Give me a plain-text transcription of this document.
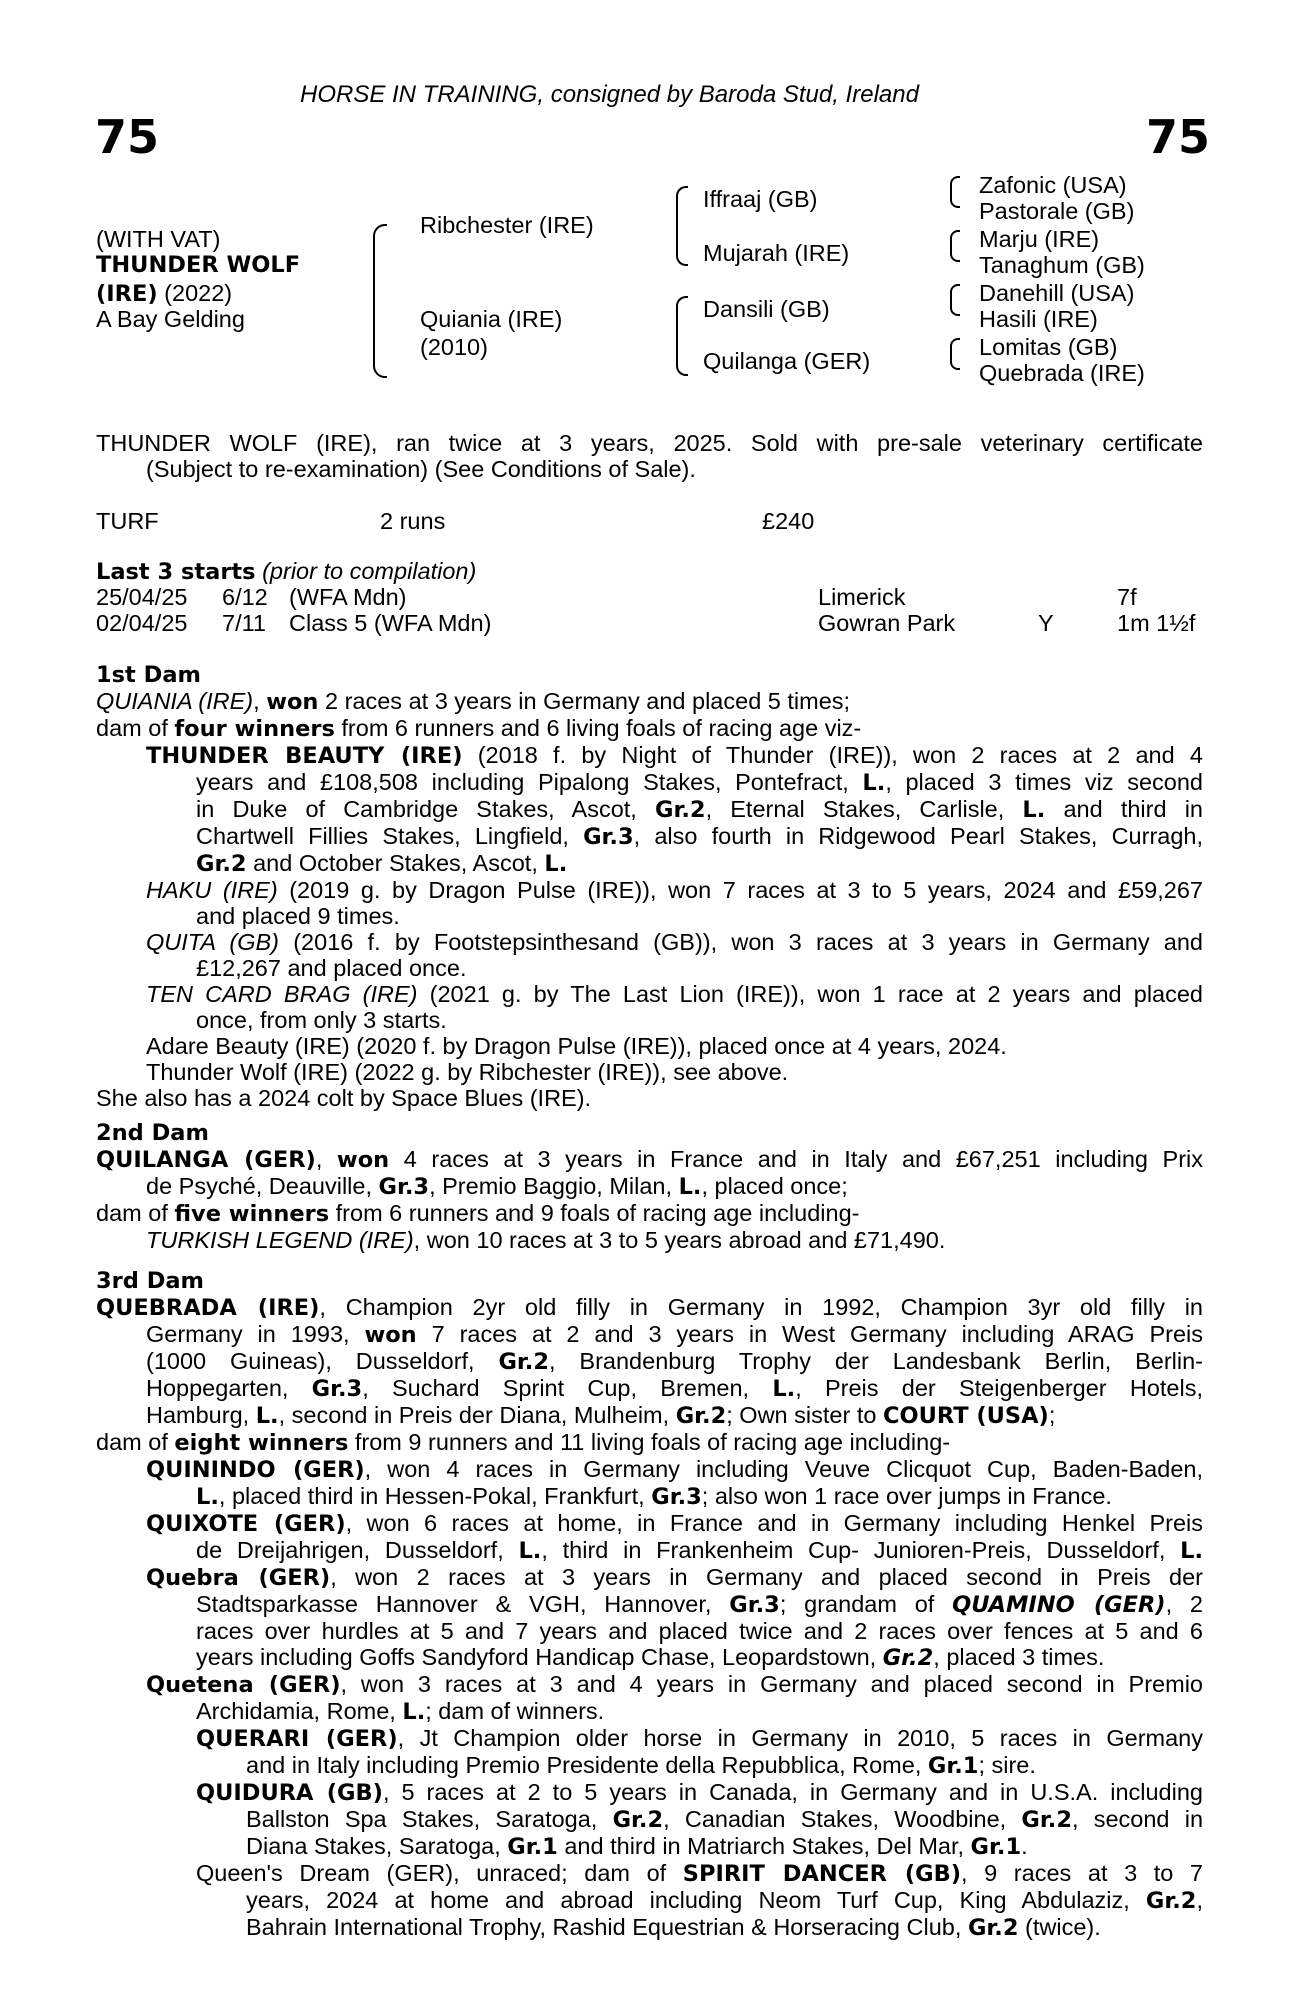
75	75
HORSE IN TRAINING, consigned by Baroda Stud, Ireland
(WITH VAT)
THUNDER WOLF
(IRE) (2022)
A Bay Gelding
Ribchester (IRE)
Quiania (IRE)
(2010)
Iffraaj (GB)
Mujarah (IRE)
Dansili (GB)
Quilanga (GER)
Zafonic (USA)
Pastorale (GB)
Marju (IRE)
Tanaghum (GB)
Danehill (USA)
Hasili (IRE)
Lomitas (GB)
Quebrada (IRE)
THUNDER WOLF (IRE), ran twice at 3 years, 2025. Sold with pre-sale veterinary certificate
(Subject to re-examination) (See Conditions of Sale).
TURF	2 runs	£240
Last 3 starts (prior to compilation)
25/04/25 6/12 (WFA Mdn)	Limerick	7f
02/04/25 7/11 Class 5 (WFA Mdn)	Gowran Park	Y	1m 1½f
1st Dam
QUIANIA (IRE), won 2 races at 3 years in Germany and placed 5 times;
dam of four winners from 6 runners and 6 living foals of racing age viz-
THUNDER BEAUTY (IRE) (2018 f. by Night of Thunder (IRE)), won 2 races at 2 and 4
years and £108,508 including Pipalong Stakes, Pontefract, L., placed 3 times viz second
in Duke of Cambridge Stakes, Ascot, Gr.2, Eternal Stakes, Carlisle, L. and third in
Chartwell Fillies Stakes, Lingfield, Gr.3, also fourth in Ridgewood Pearl Stakes, Curragh,
Gr.2 and October Stakes, Ascot, L.
HAKU (IRE) (2019 g. by Dragon Pulse (IRE)), won 7 races at 3 to 5 years, 2024 and £59,267
and placed 9 times.
QUITA (GB) (2016 f. by Footstepsinthesand (GB)), won 3 races at 3 years in Germany and
£12,267 and placed once.
TEN CARD BRAG (IRE) (2021 g. by The Last Lion (IRE)), won 1 race at 2 years and placed
once, from only 3 starts.
Adare Beauty (IRE) (2020 f. by Dragon Pulse (IRE)), placed once at 4 years, 2024.
Thunder Wolf (IRE) (2022 g. by Ribchester (IRE)), see above.
She also has a 2024 colt by Space Blues (IRE).
2nd Dam
QUILANGA (GER), won 4 races at 3 years in France and in Italy and £67,251 including Prix
de Psyché, Deauville, Gr.3, Premio Baggio, Milan, L., placed once;
dam of five winners from 6 runners and 9 foals of racing age including-
TURKISH LEGEND (IRE), won 10 races at 3 to 5 years abroad and £71,490.
3rd Dam
QUEBRADA (IRE), Champion 2yr old filly in Germany in 1992, Champion 3yr old filly in
Germany in 1993, won 7 races at 2 and 3 years in West Germany including ARAG Preis
(1000 Guineas), Dusseldorf, Gr.2, Brandenburg Trophy der Landesbank Berlin, Berlin-
Hoppegarten, Gr.3, Suchard Sprint Cup, Bremen, L., Preis der Steigenberger Hotels,
Hamburg, L., second in Preis der Diana, Mulheim, Gr.2; Own sister to COURT (USA);
dam of eight winners from 9 runners and 11 living foals of racing age including-
QUININDO (GER), won 4 races in Germany including Veuve Clicquot Cup, Baden-Baden,
L., placed third in Hessen-Pokal, Frankfurt, Gr.3; also won 1 race over jumps in France.
QUIXOTE (GER), won 6 races at home, in France and in Germany including Henkel Preis
de Dreijahrigen, Dusseldorf, L., third in Frankenheim Cup- Junioren-Preis, Dusseldorf, L.
Quebra (GER), won 2 races at 3 years in Germany and placed second in Preis der
Stadtsparkasse Hannover & VGH, Hannover, Gr.3; grandam of QUAMINO (GER), 2
races over hurdles at 5 and 7 years and placed twice and 2 races over fences at 5 and 6
years including Goffs Sandyford Handicap Chase, Leopardstown, Gr.2, placed 3 times.
Quetena (GER), won 3 races at 3 and 4 years in Germany and placed second in Premio
Archidamia, Rome, L.; dam of winners.
QUERARI (GER), Jt Champion older horse in Germany in 2010, 5 races in Germany
and in Italy including Premio Presidente della Repubblica, Rome, Gr.1; sire.
QUIDURA (GB), 5 races at 2 to 5 years in Canada, in Germany and in U.S.A. including
Ballston Spa Stakes, Saratoga, Gr.2, Canadian Stakes, Woodbine, Gr.2, second in
Diana Stakes, Saratoga, Gr.1 and third in Matriarch Stakes, Del Mar, Gr.1.
Queen's Dream (GER), unraced; dam of SPIRIT DANCER (GB), 9 races at 3 to 7
years, 2024 at home and abroad including Neom Turf Cup, King Abdulaziz, Gr.2,
Bahrain International Trophy, Rashid Equestrian & Horseracing Club, Gr.2 (twice).
